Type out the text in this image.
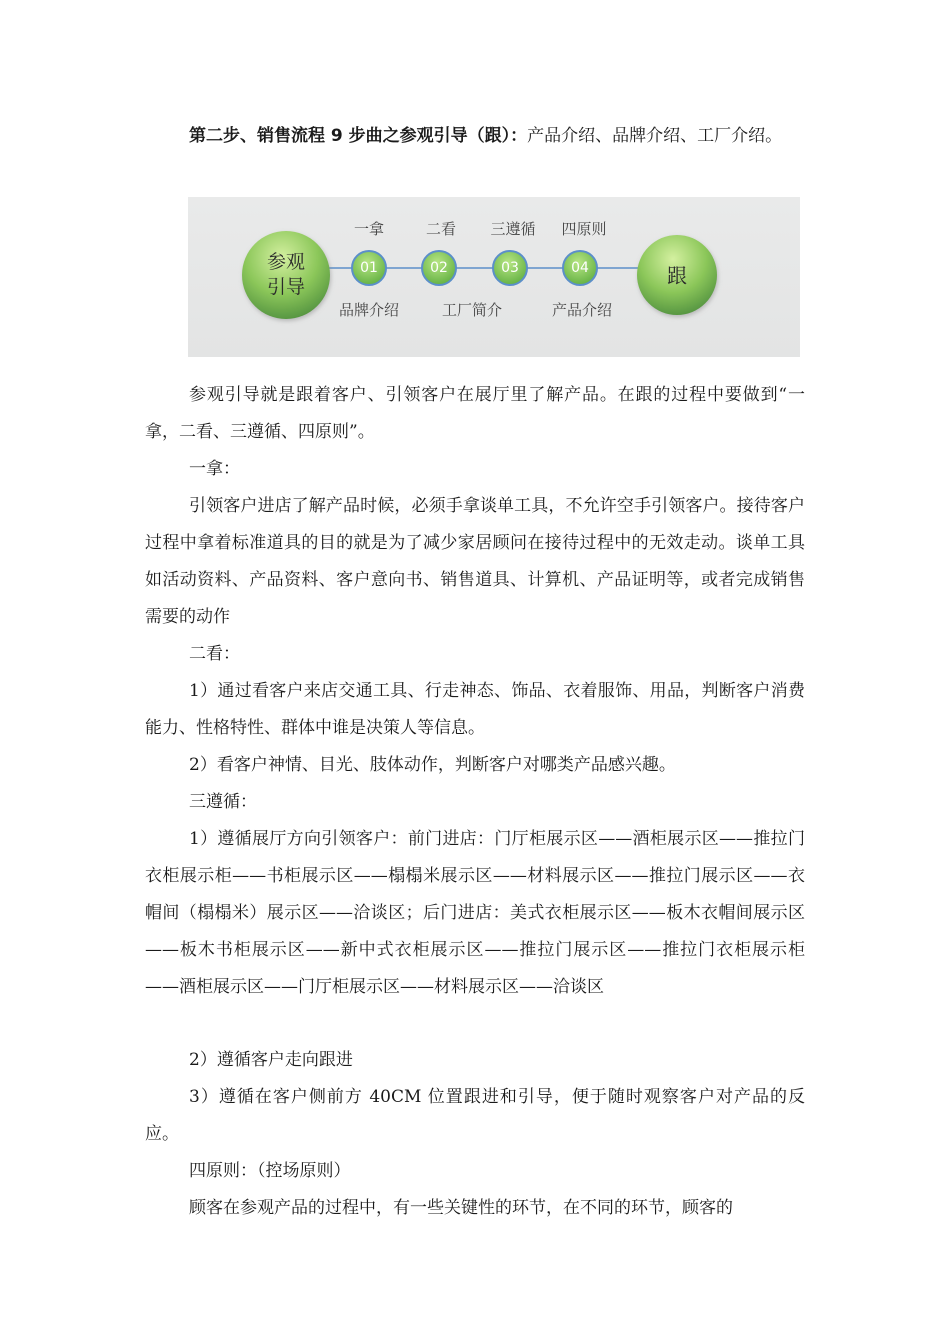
第二步、销售流程 9 步曲之参观引导（跟）：产品介绍、品牌介绍、工厂介绍。

参观
引导	跟
01	02	03	04
一拿	二看 三遵循 四原则
品牌介绍	工厂简介	产品介绍

参观引导就是跟着客户、引领客户在展厅里了解产品。在跟的过程中要做到“一拿，二看、三遵循、四原则”。

一拿：

引领客户进店了解产品时候，必须手拿谈单工具，不允许空手引领客户。接待客户过程中拿着标准道具的目的就是为了减少家居顾问在接待过程中的无效走动。谈单工具如活动资料、产品资料、客户意向书、销售道具、计算机、产品证明等，或者完成销售需要的动作

二看：

1）通过看客户来店交通工具、行走神态、饰品、衣着服饰、用品，判断客户消费能力、性格特性、群体中谁是决策人等信息。

2）看客户神情、目光、肢体动作，判断客户对哪类产品感兴趣。

三遵循：

1）遵循展厅方向引领客户：前门进店：门厅柜展示区——酒柜展示区——推拉门衣柜展示柜——书柜展示区——榻榻米展示区——材料展示区——推拉门展示区——衣帽间（榻榻米）展示区——洽谈区；后门进店：美式衣柜展示区——板木衣帽间展示区——板木书柜展示区——新中式衣柜展示区——推拉门展示区——推拉门衣柜展示柜——酒柜展示区——门厅柜展示区——材料展示区——洽谈区

2）遵循客户走向跟进

3）遵循在客户侧前方 40CM 位置跟进和引导，便于随时观察客户对产品的反应。

四原则：（控场原则）

顾客在参观产品的过程中，有一些关键性的环节，在不同的环节，顾客的
